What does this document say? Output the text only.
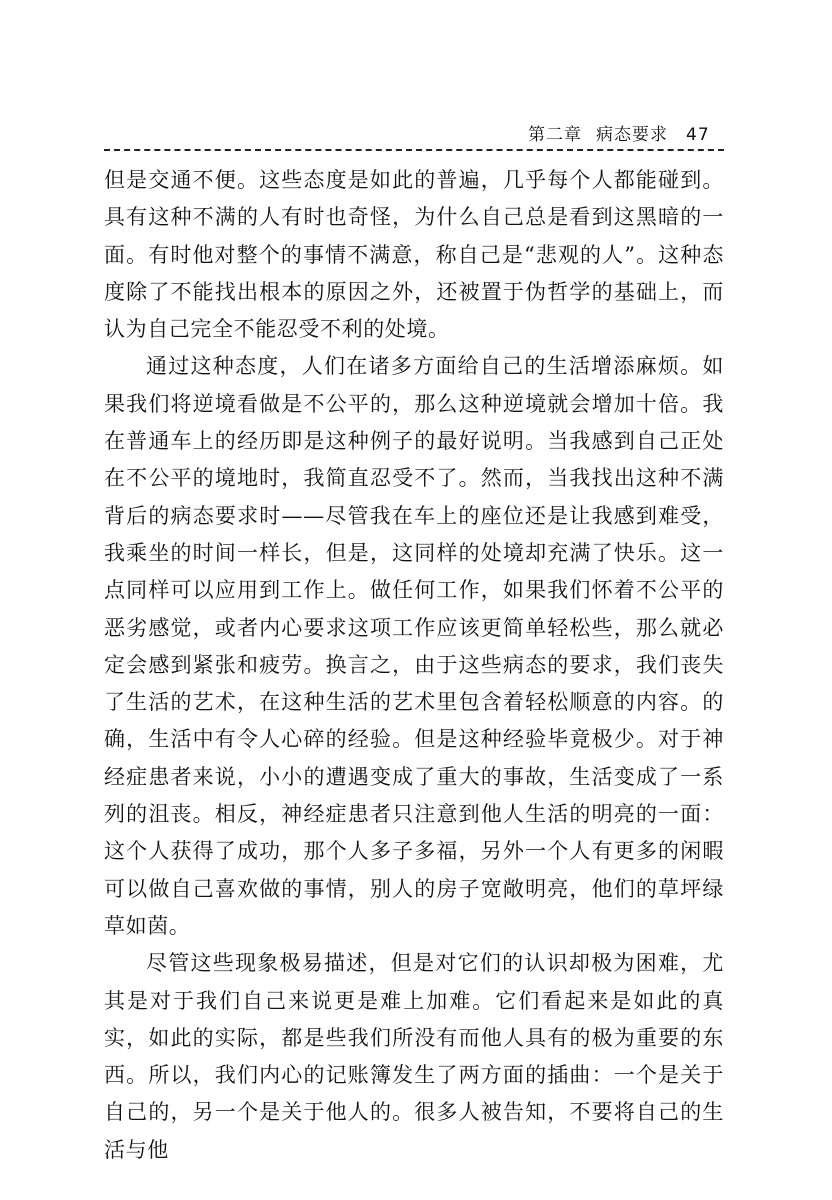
第二章 病态要求 47

但是交通不便。这些态度是如此的普遍，几乎每个人都能碰到。具有这种不满的人有时也奇怪，为什么自己总是看到这黑暗的一面。有时他对整个的事情不满意，称自己是“悲观的人”。这种态度除了不能找出根本的原因之外，还被置于伪哲学的基础上，而认为自己完全不能忍受不利的处境。

通过这种态度，人们在诸多方面给自己的生活增添麻烦。如果我们将逆境看做是不公平的，那么这种逆境就会增加十倍。我在普通车上的经历即是这种例子的最好说明。当我感到自己正处在不公平的境地时，我简直忍受不了。然而，当我找出这种不满背后的病态要求时——尽管我在车上的座位还是让我感到难受，我乘坐的时间一样长，但是，这同样的处境却充满了快乐。这一点同样可以应用到工作上。做任何工作，如果我们怀着不公平的恶劣感觉，或者内心要求这项工作应该更简单轻松些，那么就必定会感到紧张和疲劳。换言之，由于这些病态的要求，我们丧失了生活的艺术，在这种生活的艺术里包含着轻松顺意的内容。的确，生活中有令人心碎的经验。但是这种经验毕竟极少。对于神经症患者来说，小小的遭遇变成了重大的事故，生活变成了一系列的沮丧。相反，神经症患者只注意到他人生活的明亮的一面：这个人获得了成功，那个人多子多福，另外一个人有更多的闲暇可以做自己喜欢做的事情，别人的房子宽敞明亮，他们的草坪绿草如茵。

尽管这些现象极易描述，但是对它们的认识却极为困难，尤其是对于我们自己来说更是难上加难。它们看起来是如此的真实，如此的实际，都是些我们所没有而他人具有的极为重要的东西。所以，我们内心的记账簿发生了两方面的插曲：一个是关于自己的，另一个是关于他人的。很多人被告知，不要将自己的生活与他
